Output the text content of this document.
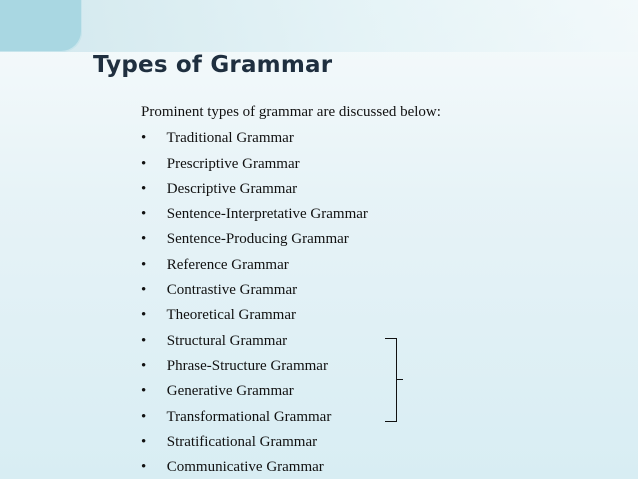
Types of Grammar

Prominent types of grammar are discussed below:

• Traditional Grammar
• Prescriptive Grammar
• Descriptive Grammar
• Sentence-Interpretative Grammar
• Sentence-Producing Grammar
• Reference Grammar
• Contrastive Grammar
• Theoretical Grammar
• Structural Grammar
• Phrase-Structure Grammar
• Generative Grammar
• Transformational Grammar
• Stratificational Grammar
• Communicative Grammar
